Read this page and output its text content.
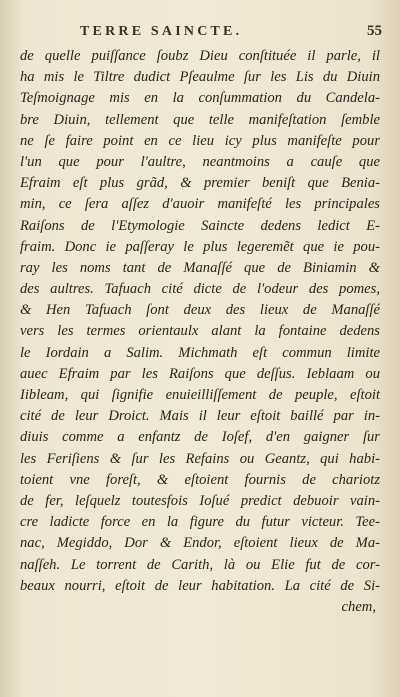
TERRE SAINCTE.	55
de quelle puiſſance ſoubz Dieu conſtituée il parle, il
ha mis le Tiltre dudict Pſeaulme ſur les Lis du Diuin
Teſmoignage mis en la conſummation du Candela-
bre Diuin, tellement que telle manifeſtation ſemble
ne ſe faire point en ce lieu icy plus manifeſte pour
l'un que pour l'aultre, neantmoins a cauſe que
Efraim eſt plus grãd, & premier beniſt que Benia-
min, ce ſera aſſez d'auoir manifeſté les principales
Raiſons de l'Etymologie Saincte dedens ledict E-
fraim. Donc ie paſſeray le plus legeremẽt que ie pou-
ray les noms tant de Manaſſé que de Biniamin &
des aultres. Tafuach cité dicte de l'odeur des pomes,
& Hen Tafuach ſont deux des lieux de Manaſſé
vers les termes orientaulx alant la fontaine dedens
le Iordain a Salim. Michmath eſt commun limite
auec Efraim par les Raiſons que deſſus. Ieblaam ou
Iibleam, qui ſignifie enuieilliſſement de peuple, eſtoit
cité de leur Droict. Mais il leur eſtoit baillé par in-
diuis comme a enfantz de Ioſef, d'en gaigner ſur
les Feriſiens & ſur les Refains ou Geantz, qui habi-
toient vne foreſt, & eſtoient fournis de chariotz
de fer, leſquelz toutesfois Ioſué predict debuoir vain-
cre ladicte force en la figure du futur victeur. Tee-
nac, Megiddo, Dor & Endor, eſtoient lieux de Ma-
naſſeh. Le torrent de Carith, là ou Elie fut de cor-
beaux nourri, eſtoit de leur habitation. La cité de Si-
chem,
